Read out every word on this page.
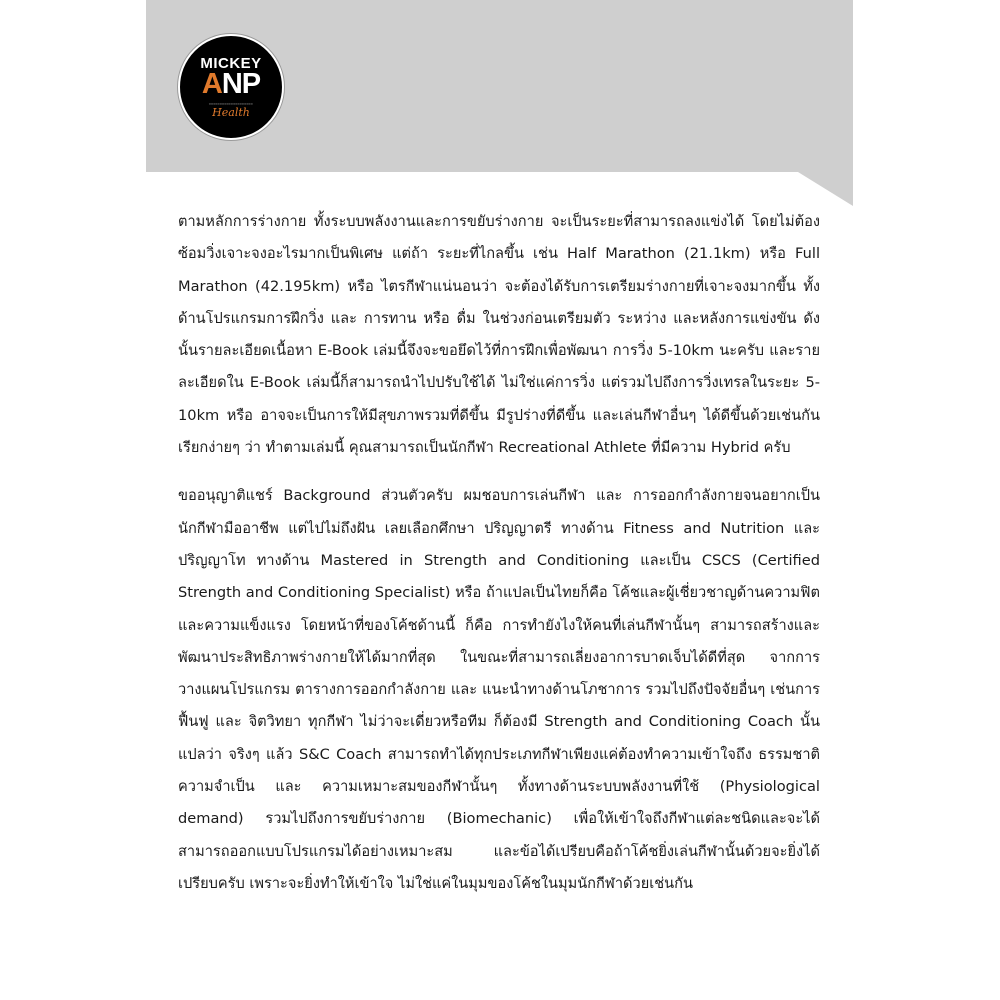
MICKEY
ANP
━━━━━━━━━━━━━━━━━━━━
Health

ตามหลักการร่างกาย ทั้งระบบพลังงานและการขยับร่างกาย จะเป็นระยะที่สามารถลงแข่งได้ โดยไม่ต้องซ้อมวิ่งเจาะจงอะไรมากเป็นพิเศษ แต่ถ้า ระยะที่ไกลขึ้น เช่น Half Marathon (21.1km) หรือ Full Marathon (42.195km) หรือ ไตรกีฬาแน่นอนว่า จะต้องได้รับการเตรียมร่างกายที่เจาะจงมากขึ้น ทั้งด้านโปรแกรมการฝึกวิ่ง และ การทาน หรือ ดื่ม ในช่วงก่อนเตรียมตัว ระหว่าง และหลังการแข่งขัน ดังนั้นรายละเอียดเนื้อหา E-Book เล่มนี้จึงจะขอยึดไว้ที่การฝึกเพื่อพัฒนา การวิ่ง 5-10km นะครับ และรายละเอียดใน E-Book เล่มนี้ก็สามารถนำไปปรับใช้ได้ ไม่ใช่แค่การวิ่ง แต่รวมไปถึงการวิ่งเทรลในระยะ 5-10km หรือ อาจจะเป็นการให้มีสุขภาพรวมที่ดีขึ้น มีรูปร่างที่ดีขึ้น และเล่นกีฬาอื่นๆ ได้ดีขึ้นด้วยเช่นกัน เรียกง่ายๆ ว่า ทำตามเล่มนี้ คุณสามารถเป็นนักกีฬา Recreational Athlete ที่มีความ Hybrid ครับ

ขออนุญาติแชร์ Background ส่วนตัวครับ ผมชอบการเล่นกีฬา และ การออกกำลังกายจนอยากเป็นนักกีฬามืออาชีพ แต่ไปไม่ถึงฝัน เลยเลือกศึกษา ปริญญาตรี ทางด้าน Fitness and Nutrition และ ปริญญาโท ทางด้าน Mastered in Strength and Conditioning และเป็น CSCS (Certified Strength and Conditioning Specialist) หรือ ถ้าแปลเป็นไทยก็คือ โค้ชและผู้เชี่ยวชาญด้านความฟิตและความแข็งแรง โดยหน้าที่ของโค้ชด้านนี้ ก็คือ การทำยังไงให้คนที่เล่นกีฬานั้นๆ สามารถสร้างและพัฒนาประสิทธิภาพร่างกายให้ได้มากที่สุด ในขณะที่สามารถเลี่ยงอาการบาดเจ็บได้ดีที่สุด จากการวางแผนโปรแกรม ตารางการออกกำลังกาย และ แนะนำทางด้านโภชาการ รวมไปถึงปัจจัยอื่นๆ เช่นการฟื้นฟู และ จิตวิทยา ทุกกีฬา ไม่ว่าจะเดี่ยวหรือทีม ก็ต้องมี Strength and Conditioning Coach นั้นแปลว่า จริงๆ แล้ว S&C Coach สามารถทำได้ทุกประเภทกีฬาเพียงแค่ต้องทำความเข้าใจถึง ธรรมชาติ ความจำเป็น และ ความเหมาะสมของกีฬานั้นๆ ทั้งทางด้านระบบพลังงานที่ใช้ (Physiological demand) รวมไปถึงการขยับร่างกาย (Biomechanic) เพื่อให้เข้าใจถึงกีฬาแต่ละชนิดและจะได้สามารถออกแบบโปรแกรมได้อย่างเหมาะสม และข้อได้เปรียบคือถ้าโค้ชยิ่งเล่นกีฬานั้นด้วยจะยิ่งได้เปรียบครับ เพราะจะยิ่งทำให้เข้าใจ ไม่ใช่แค่ในมุมของโค้ชในมุมนักกีฬาด้วยเช่นกัน
